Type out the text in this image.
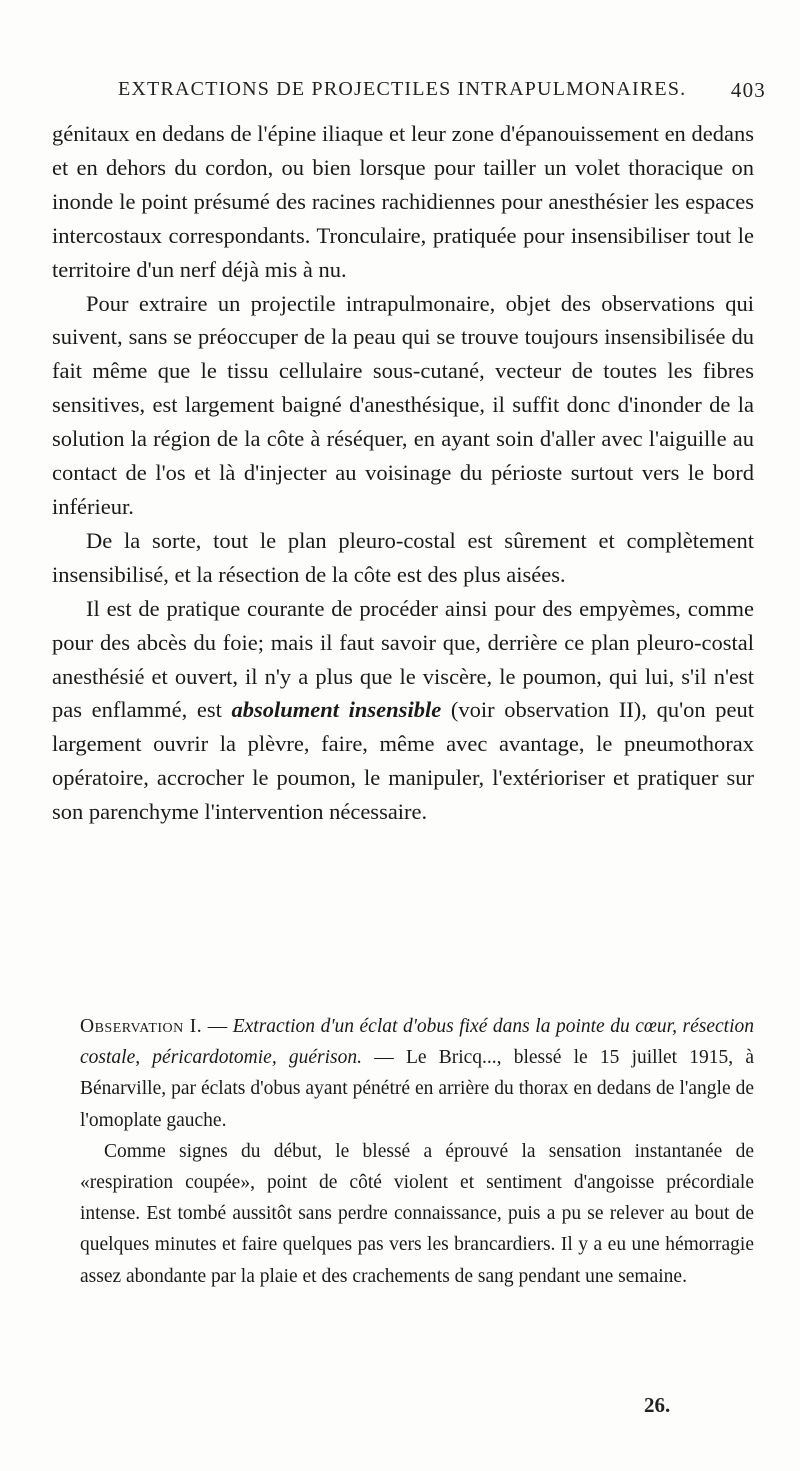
EXTRACTIONS DE PROJECTILES INTRAPULMONAIRES. 403

génitaux en dedans de l'épine iliaque et leur zone d'épanouissement en dedans et en dehors du cordon, ou bien lorsque pour tailler un volet thoracique on inonde le point présumé des racines rachidiennes pour anesthésier les espaces intercostaux correspondants. Tronculaire, pratiquée pour insensibiliser tout le territoire d'un nerf déjà mis à nu.

Pour extraire un projectile intrapulmonaire, objet des observations qui suivent, sans se préoccuper de la peau qui se trouve toujours insensibilisée du fait même que le tissu cellulaire sous-cutané, vecteur de toutes les fibres sensitives, est largement baigné d'anesthésique, il suffit donc d'inonder de la solution la région de la côte à réséquer, en ayant soin d'aller avec l'aiguille au contact de l'os et là d'injecter au voisinage du périoste surtout vers le bord inférieur.

De la sorte, tout le plan pleuro-costal est sûrement et complètement insensibilisé, et la résection de la côte est des plus aisées.

Il est de pratique courante de procéder ainsi pour des empyèmes, comme pour des abcès du foie; mais il faut savoir que, derrière ce plan pleuro-costal anesthésié et ouvert, il n'y a plus que le viscère, le poumon, qui lui, s'il n'est pas enflammé, est absolument insensible (voir observation II), qu'on peut largement ouvrir la plèvre, faire, même avec avantage, le pneumothorax opératoire, accrocher le poumon, le manipuler, l'extérioriser et pratiquer sur son parenchyme l'intervention nécessaire.

Observation I. — Extraction d'un éclat d'obus fixé dans la pointe du cœur, résection costale, péricardotomie, guérison. — Le Bricq..., blessé le 15 juillet 1915, à Bénarville, par éclats d'obus ayant pénétré en arrière du thorax en dedans de l'angle de l'omoplate gauche.

Comme signes du début, le blessé a éprouvé la sensation instantanée de «respiration coupée», point de côté violent et sentiment d'angoisse précordiale intense. Est tombé aussitôt sans perdre connaissance, puis a pu se relever au bout de quelques minutes et faire quelques pas vers les brancardiers. Il y a eu une hémorragie assez abondante par la plaie et des crachements de sang pendant une semaine.

26.
